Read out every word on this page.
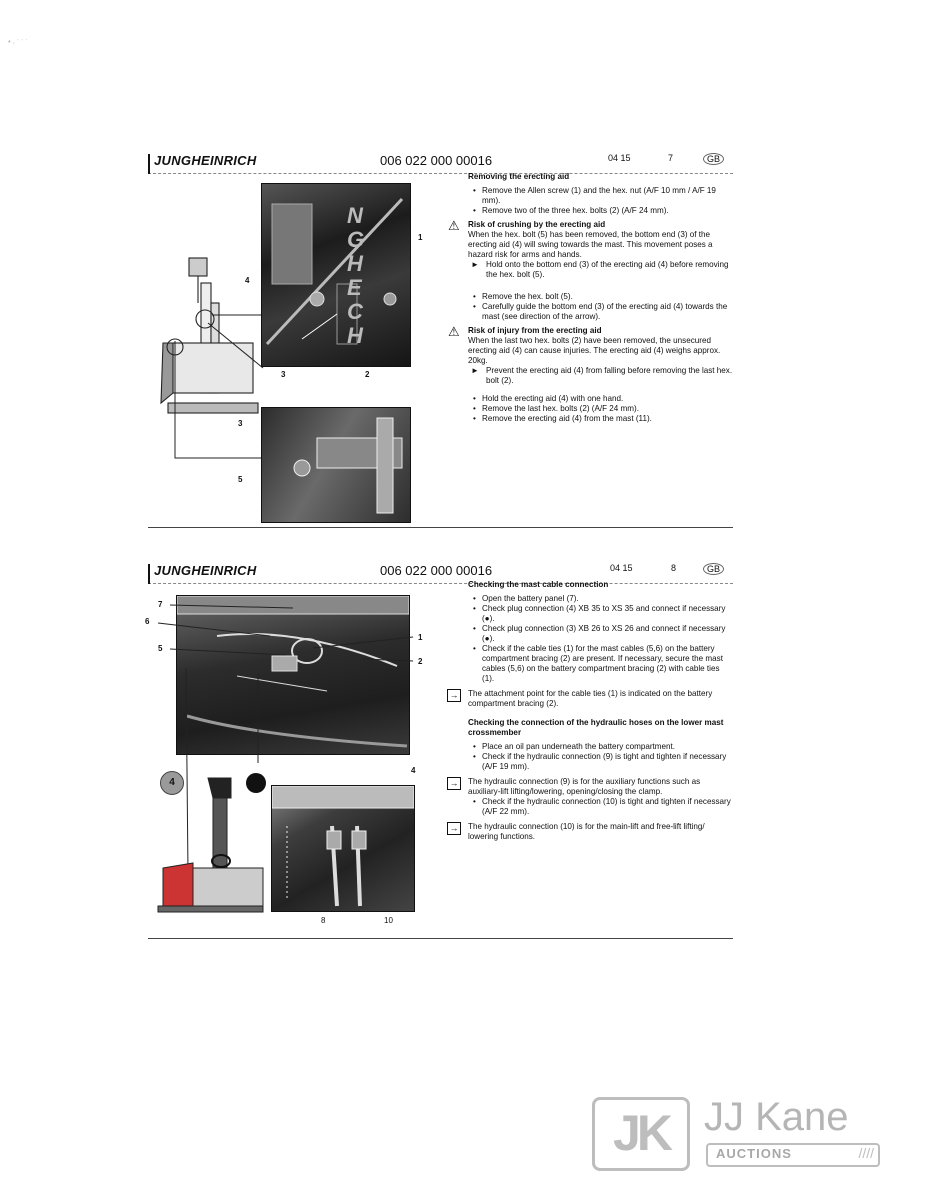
* · ˙ ˙ ˙
JUNGHEINRICH	006 022 000 00016	04 15	7	GB
NGHE CH
4
1
3	2
3
5

Removing the erecting aid

• Remove the Allen screw (1) and the hex. nut (A/F 10 mm / A/F 19 mm).

• Remove two of the three hex. bolts (2) (A/F 24 mm).

⚠ Risk of crushing by the erecting aid

When the hex. bolt (5) has been removed, the bottom end (3) of the erecting aid (4) will swing towards the mast. This movement poses a hazard risk for arms and hands.

► Hold onto the bottom end (3) of the erecting aid (4) before removing the hex. bolt (5).

• Remove the hex. bolt (5).

• Carefully guide the bottom end (3) of the erecting aid (4) towards the mast (see direction of the arrow).

⚠ Risk of injury from the erecting aid

When the last two hex. bolts (2) have been removed, the unsecured erecting aid (4) can cause injuries. The erecting aid (4) weighs approx. 20kg.

► Prevent the erecting aid (4) from falling before removing the last hex. bolt (2).

• Hold the erecting aid (4) with one hand.

• Remove the last hex. bolts (2) (A/F 24 mm).

• Remove the erecting aid (4) from the mast (11).

JUNGHEINRICH	006 022 000 00016	04 15	8	GB
7
6
5
1
2
4
4
8	10

Checking the mast cable connection

• Open the battery panel (7).

• Check plug connection (4) XB 35 to XS 35 and connect if necessary (●).

• Check plug connection (3) XB 26 to XS 26 and connect if necessary (●).

• Check if the cable ties (1) for the mast cables (5,6) on the battery compartment bracing (2) are present. If necessary, secure the mast cables (5,6) on the battery compartment bracing (2) with cable ties (1).

→	The attachment point for the cable ties (1) is indicated on the battery compartment bracing (2).

Checking the connection of the hydraulic hoses on the lower mast crossmember

• Place an oil pan underneath the battery compartment.

• Check if the hydraulic connection (9) is tight and tighten if necessary (A/F 19 mm).

→	The hydraulic connection (9) is for the auxiliary functions such as auxiliary-lift lifting/lowering, opening/closing the clamp.

• Check if the hydraulic connection (10) is tight and tighten if necessary (A/F 22 mm).

→	The hydraulic connection (10) is for the main-lift and free-lift lifting/ lowering functions.

JK JJ Kane
AUCTIONS	////
